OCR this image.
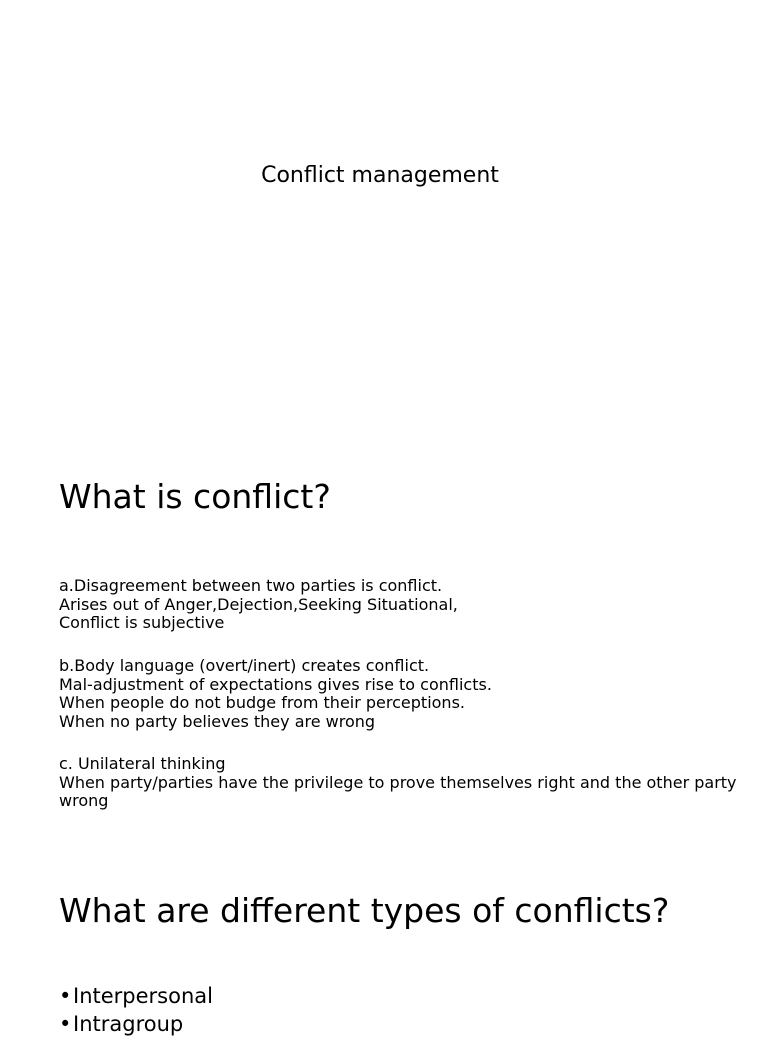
Conflict management
What is conflict?
a.Disagreement between two parties is conflict.
Arises out of Anger,Dejection,Seeking Situational,
Conflict is subjective
b.Body language (overt/inert) creates conflict.
Mal-adjustment of expectations gives rise to conflicts.
When people do not budge from their perceptions.
When no party believes they are wrong
c. Unilateral thinking
When party/parties have the privilege to prove themselves right and the other party wrong
What are different types of conflicts?
• Interpersonal
• Intragroup
